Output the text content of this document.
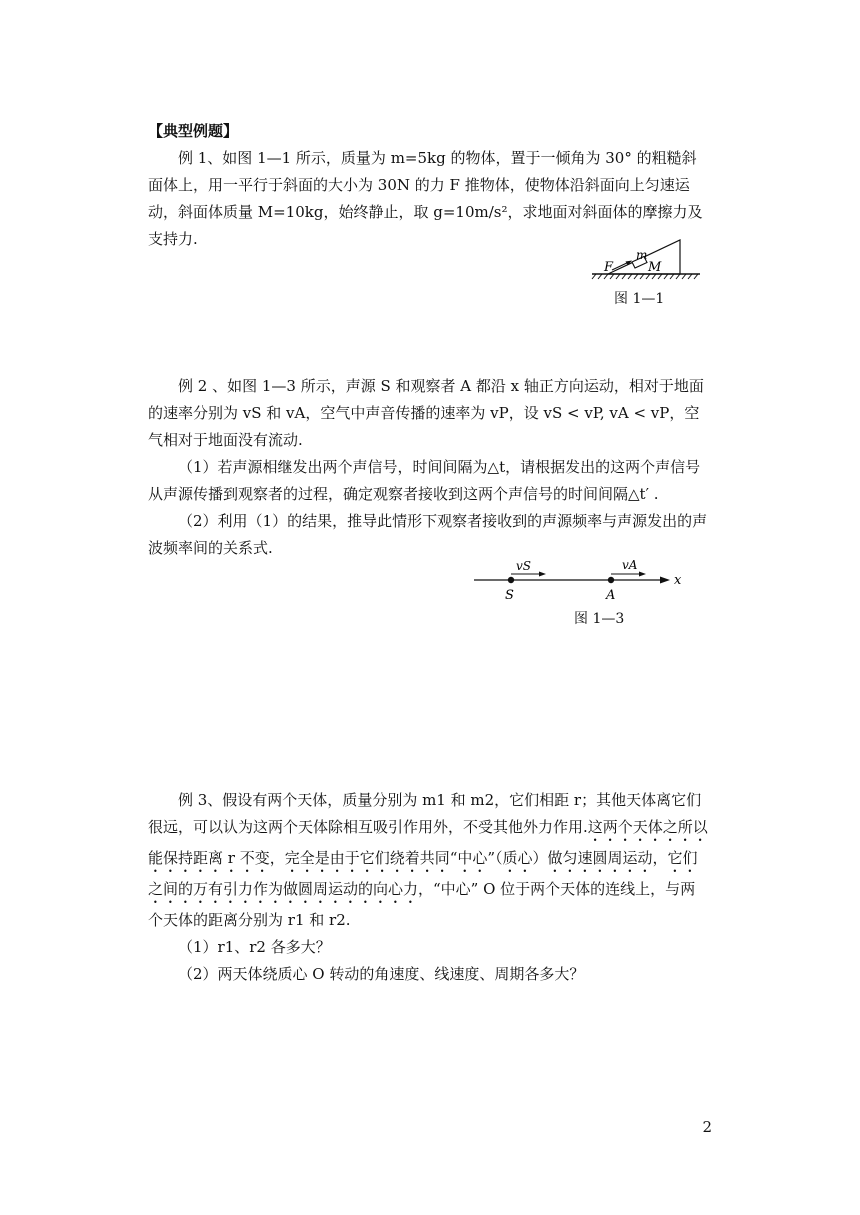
【典型例题】

例 1、如图 1—1 所示，质量为 m=5kg 的物体，置于一倾角为 30° 的粗糙斜面体上，用一平行于斜面的大小为 30N 的力 F 推物体，使物体沿斜面向上匀速运动，斜面体质量 M=10kg，始终静止，取 g=10m/s²，求地面对斜面体的摩擦力及支持力.

F
m
M
图 1—1

例 2 、如图 1—3 所示，声源 S 和观察者 A 都沿 x 轴正方向运动，相对于地面的速率分别为 vS 和 vA，空气中声音传播的速率为 vP，设 vS < vP, vA < vP，空气相对于地面没有流动.

（1）若声源相继发出两个声信号，时间间隔为△t，请根据发出的这两个声信号从声源传播到观察者的过程，确定观察者接收到这两个声信号的时间间隔△t′ .

（2）利用（1）的结果，推导此情形下观察者接收到的声源频率与声源发出的声波频率间的关系式.

vS	vA
x
S	A
图 1—3

例 3、假设有两个天体，质量分别为 m1 和 m2，它们相距 r；其他天体离它们很远，可以认为这两个天体除相互吸引作用外，不受其他外力作用.这两个天体之所以能保持距离 r 不变，完全是由于它们绕着共同“中心”（质心）做匀速圆周运动，它们之间的万有引力作为做圆周运动的向心力，“中心” O 位于两个天体的连线上，与两个天体的距离分别为 r1 和 r2.

（1）r1、r2 各多大？

（2）两天体绕质心 O 转动的角速度、线速度、周期各多大？

2
